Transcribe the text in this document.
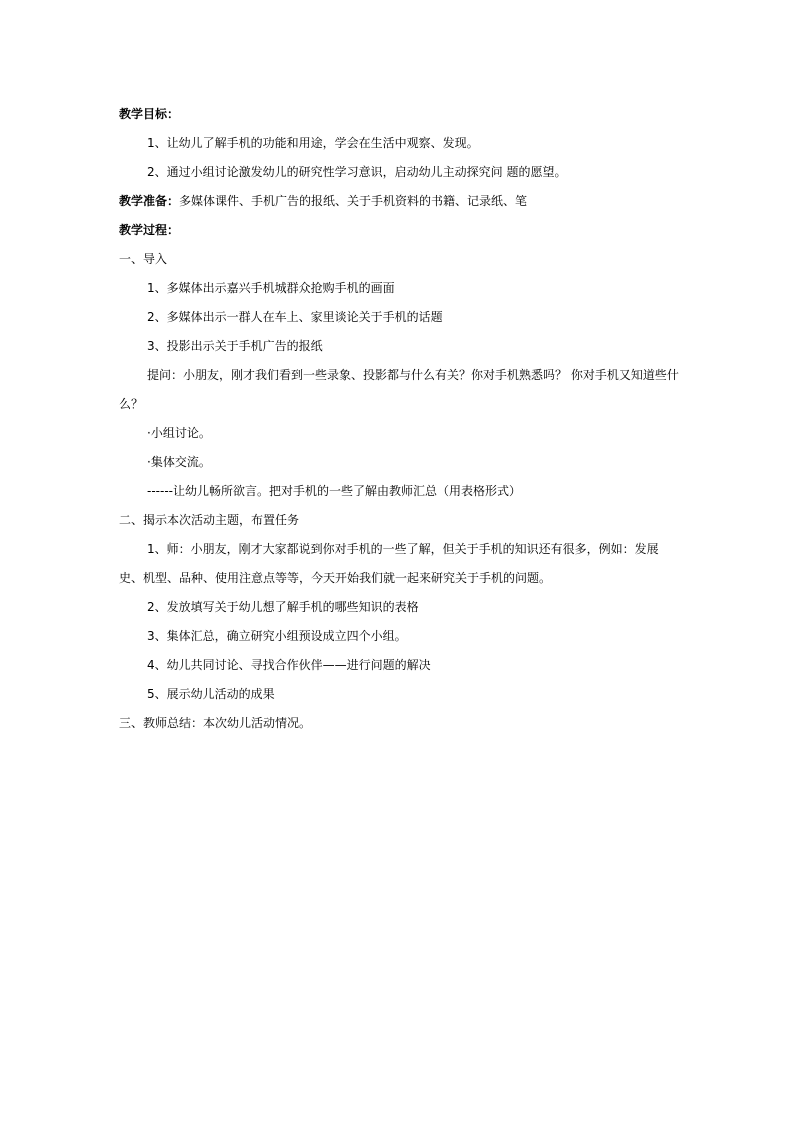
教学目标：
1、让幼儿了解手机的功能和用途，学会在生活中观察、发现。
2、通过小组讨论激发幼儿的研究性学习意识，启动幼儿主动探究问 题的愿望。
教学准备：多媒体课件、手机广告的报纸、关于手机资料的书籍、记录纸、笔
教学过程：
一、导入
1、多媒体出示嘉兴手机城群众抢购手机的画面
2、多媒体出示一群人在车上、家里谈论关于手机的话题
3、投影出示关于手机广告的报纸
提问：小朋友，刚才我们看到一些录象、投影都与什么有关？你对手机熟悉吗？ 你对手机又知道些什么？
·小组讨论。
·集体交流。
------让幼儿畅所欲言。把对手机的一些了解由教师汇总（用表格形式）
二、揭示本次活动主题，布置任务
1、师：小朋友，刚才大家都说到你对手机的一些了解，但关于手机的知识还有很多，例如：发展史、机型、品种、使用注意点等等，今天开始我们就一起来研究关于手机的问题。
2、发放填写关于幼儿想了解手机的哪些知识的表格
3、集体汇总，确立研究小组预设成立四个小组。
4、幼儿共同讨论、寻找合作伙伴——进行问题的解决
5、展示幼儿活动的成果
三、教师总结：本次幼儿活动情况。
